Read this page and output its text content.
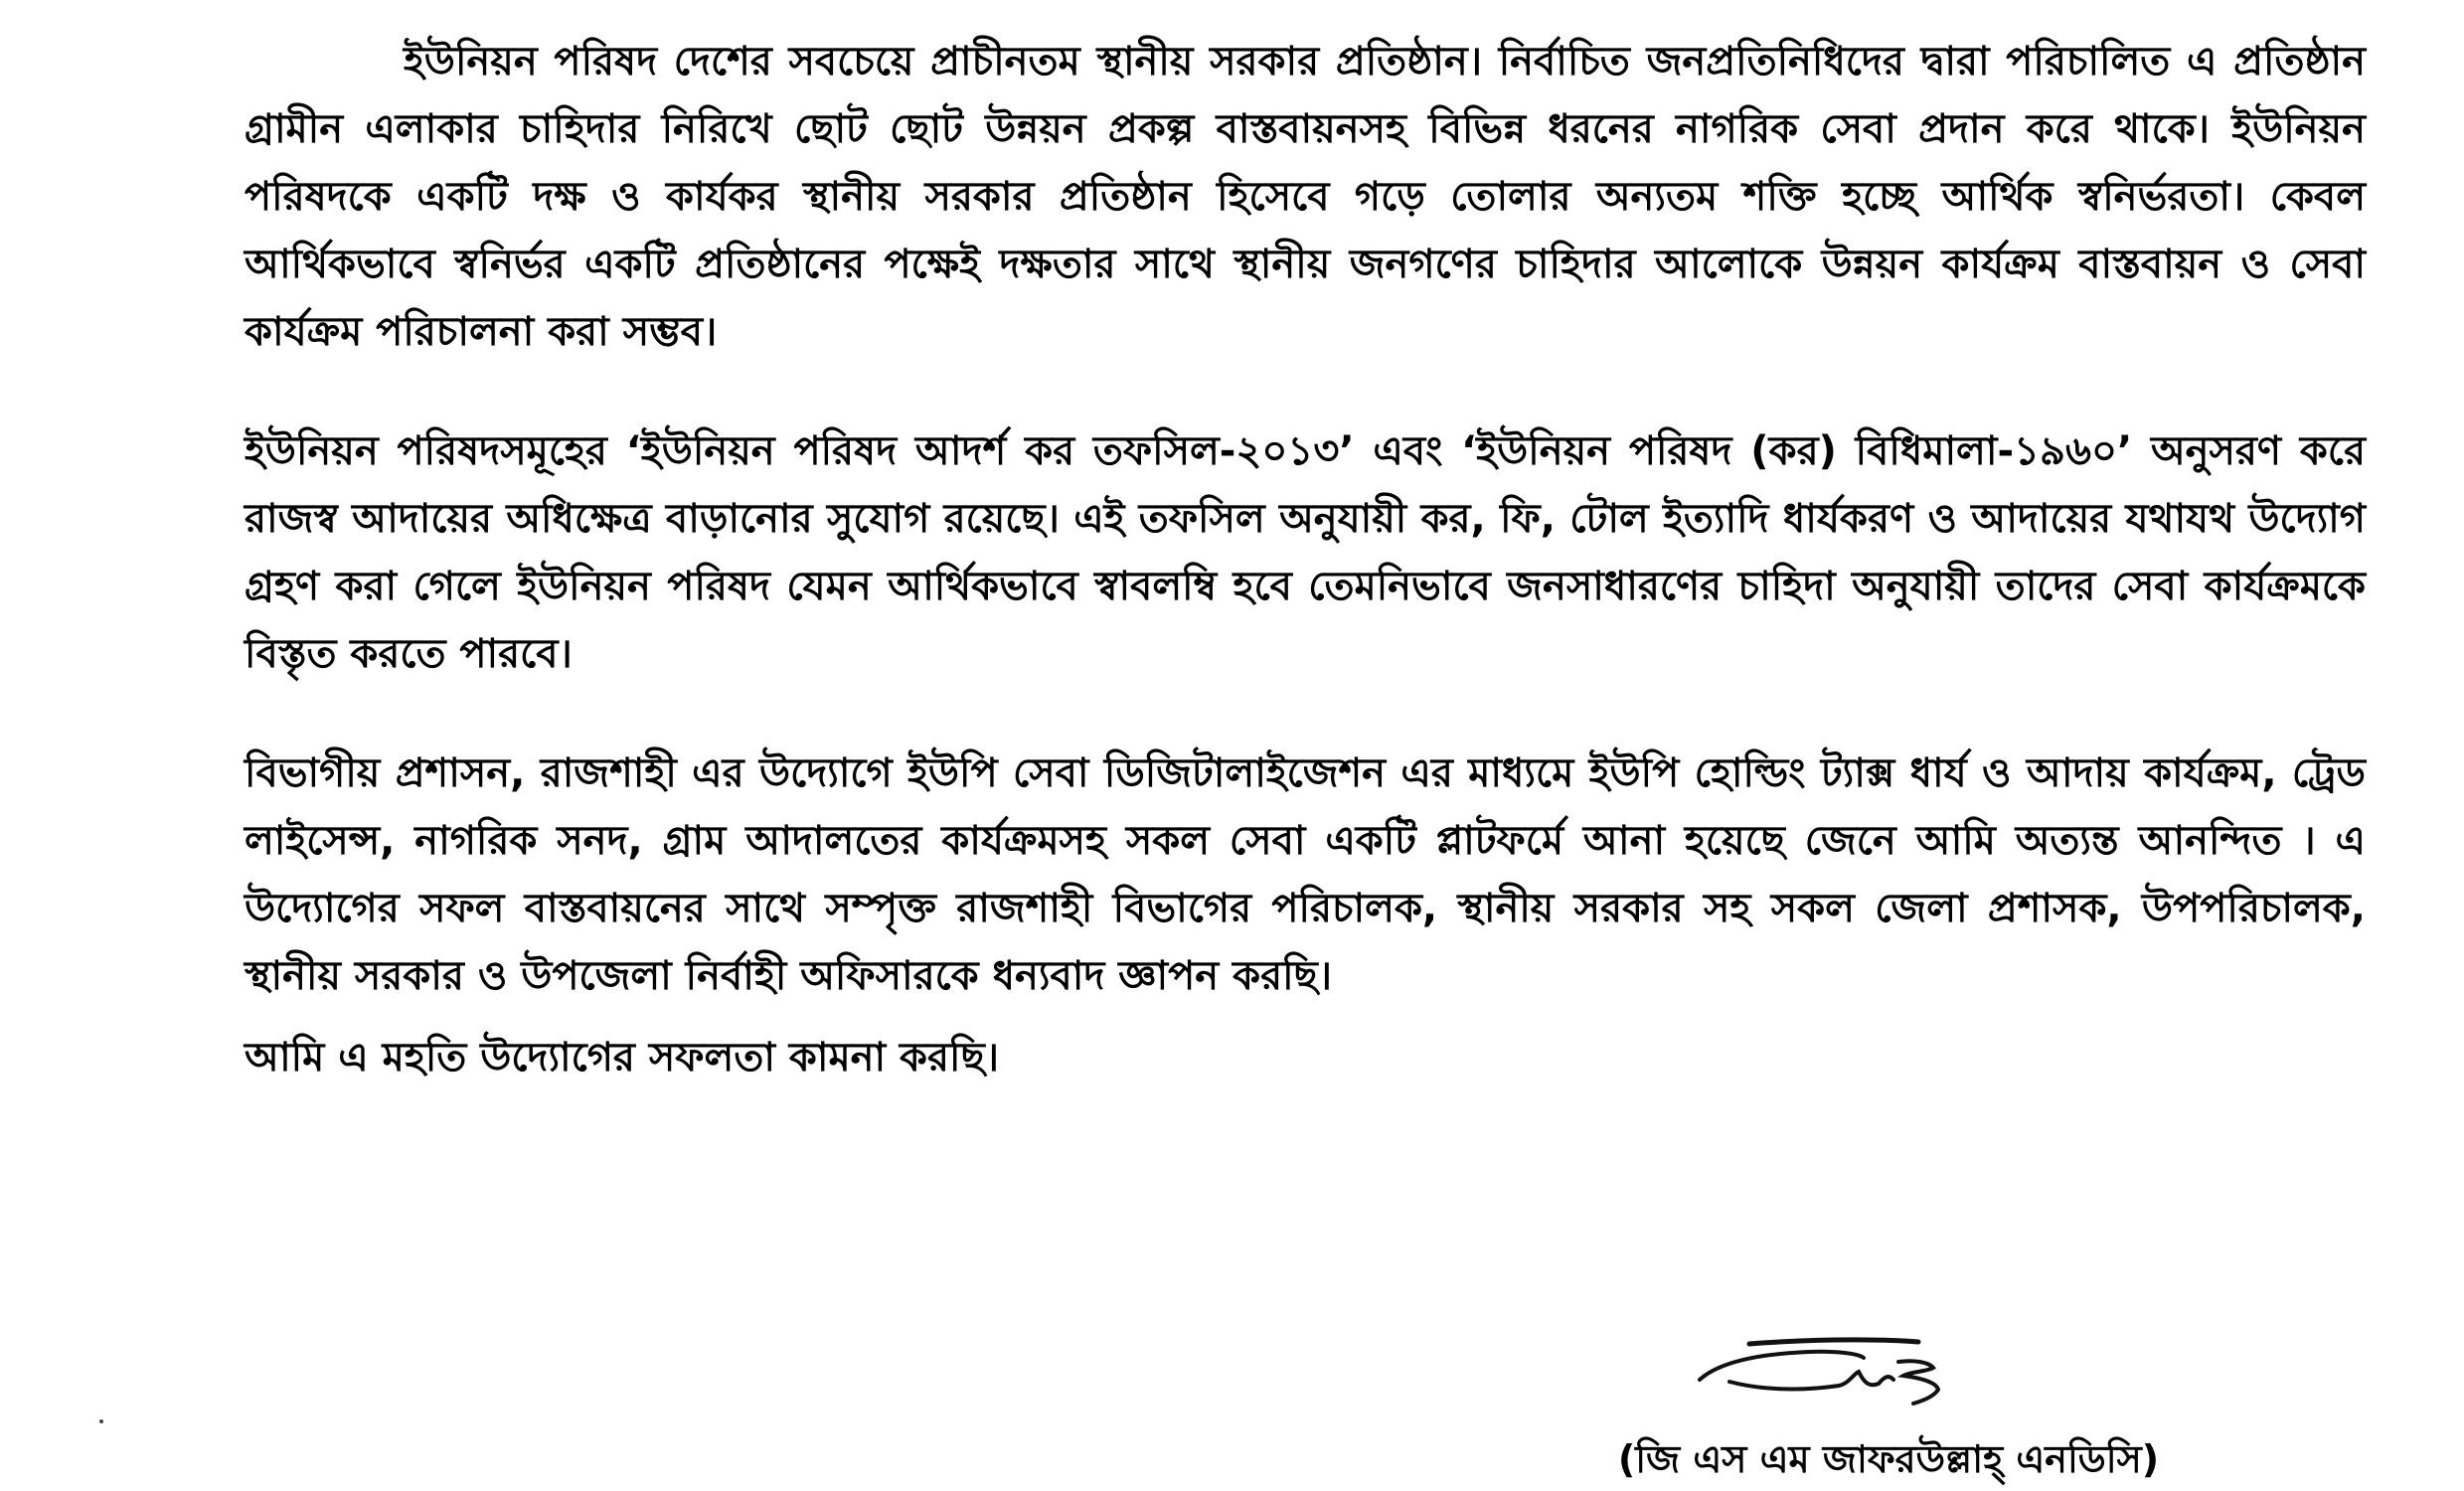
ইউনিয়ন পরিষদ দেশের সবচেয়ে প্রাচীনতম স্থানীয় সরকার প্রতিষ্ঠান। নির্বাচিত জনপ্রতিনিধিদের দ্বারা পরিচালিত এ প্রতিষ্ঠান গ্রামীন এলাকার চাহিদার নিরিখে ছোট ছোট উন্নয়ন প্রকল্প বাস্তবায়নসহ বিভিন্ন ধরনের নাগরিক সেবা প্রদান করে থাকে। ইউনিয়ন পরিষদকে একটি দক্ষ ও কার্যকর স্থানীয় সরকার প্রতিষ্ঠান হিসেবে গড়ে তোলার অন্যতম শক্তি হচ্ছে আর্থিক স্বনির্ভরতা। কেবল আর্থিকভাবে স্বনির্ভর একটি প্রতিষ্ঠানের পক্ষেই দক্ষতার সাথে স্থানীয় জনগণের চাহিদার আলোকে উন্নয়ন কার্যক্রম বাস্তবায়ন ও সেবা কার্যক্রম পরিচালনা করা সম্ভব।

ইউনিয়ন পরিষদসমূহের ‘ইউনিয়ন পরিষদ আদর্শ কর তফসিল-২০১৩’ এবং ‘ইউনিয়ন পরিষদ (কর) বিধিমালা-১৯৬০’ অনুসরণ করে রাজস্ব আদায়ের অধিক্ষেত্র বাড়ানোর সুযোগ রয়েছে। এই তফসিল অনুযায়ী কর, ফি, টোল ইত্যাদি ধার্যকরণ ও আদায়ের যথাযথ উদ্যোগ গ্রহণ করা গেলে ইউনিয়ন পরিষদ যেমন আর্থিকভাবে স্বাবলম্বি হবে তেমনিভাবে জনসাধারণের চাহিদা অনুযায়ী তাদের সেবা কার্যক্রমকে বিস্তৃত করতে পারবে।

বিভাগীয় প্রশাসন, রাজশাহী এর উদ্যোগে ইউপি সেবা ডিজিটালাইজেশন এর মাধ্যমে ইউপি হোল্ডিং ট্যাক্স ধার্য ও আদায় কার্যক্রম, ট্রেড লাইসেন্স, নাগরিক সনদ, গ্রাম আদালতের কার্যক্রমসহ সকল সেবা একটি প্লাটফর্মে আনা হয়েছে জেনে আমি অত্যন্ত আনন্দিত । এ উদ্যোগের সফল বাস্তবায়নের সাথে সম্পৃক্ত রাজশাহী বিভাগের পরিচালক, স্থানীয় সরকার সহ সকল জেলা প্রশাসক, উপপরিচালক, স্থানীয় সরকার ও উপজেলা নির্বাহী অফিসারকে ধন্যবাদ জ্ঞাপন করছি।

আমি এ মহতি উদ্যোগের সফলতা কামনা করছি।

(জি এস এম জাফরউল্লাহ্ এনডিসি)
